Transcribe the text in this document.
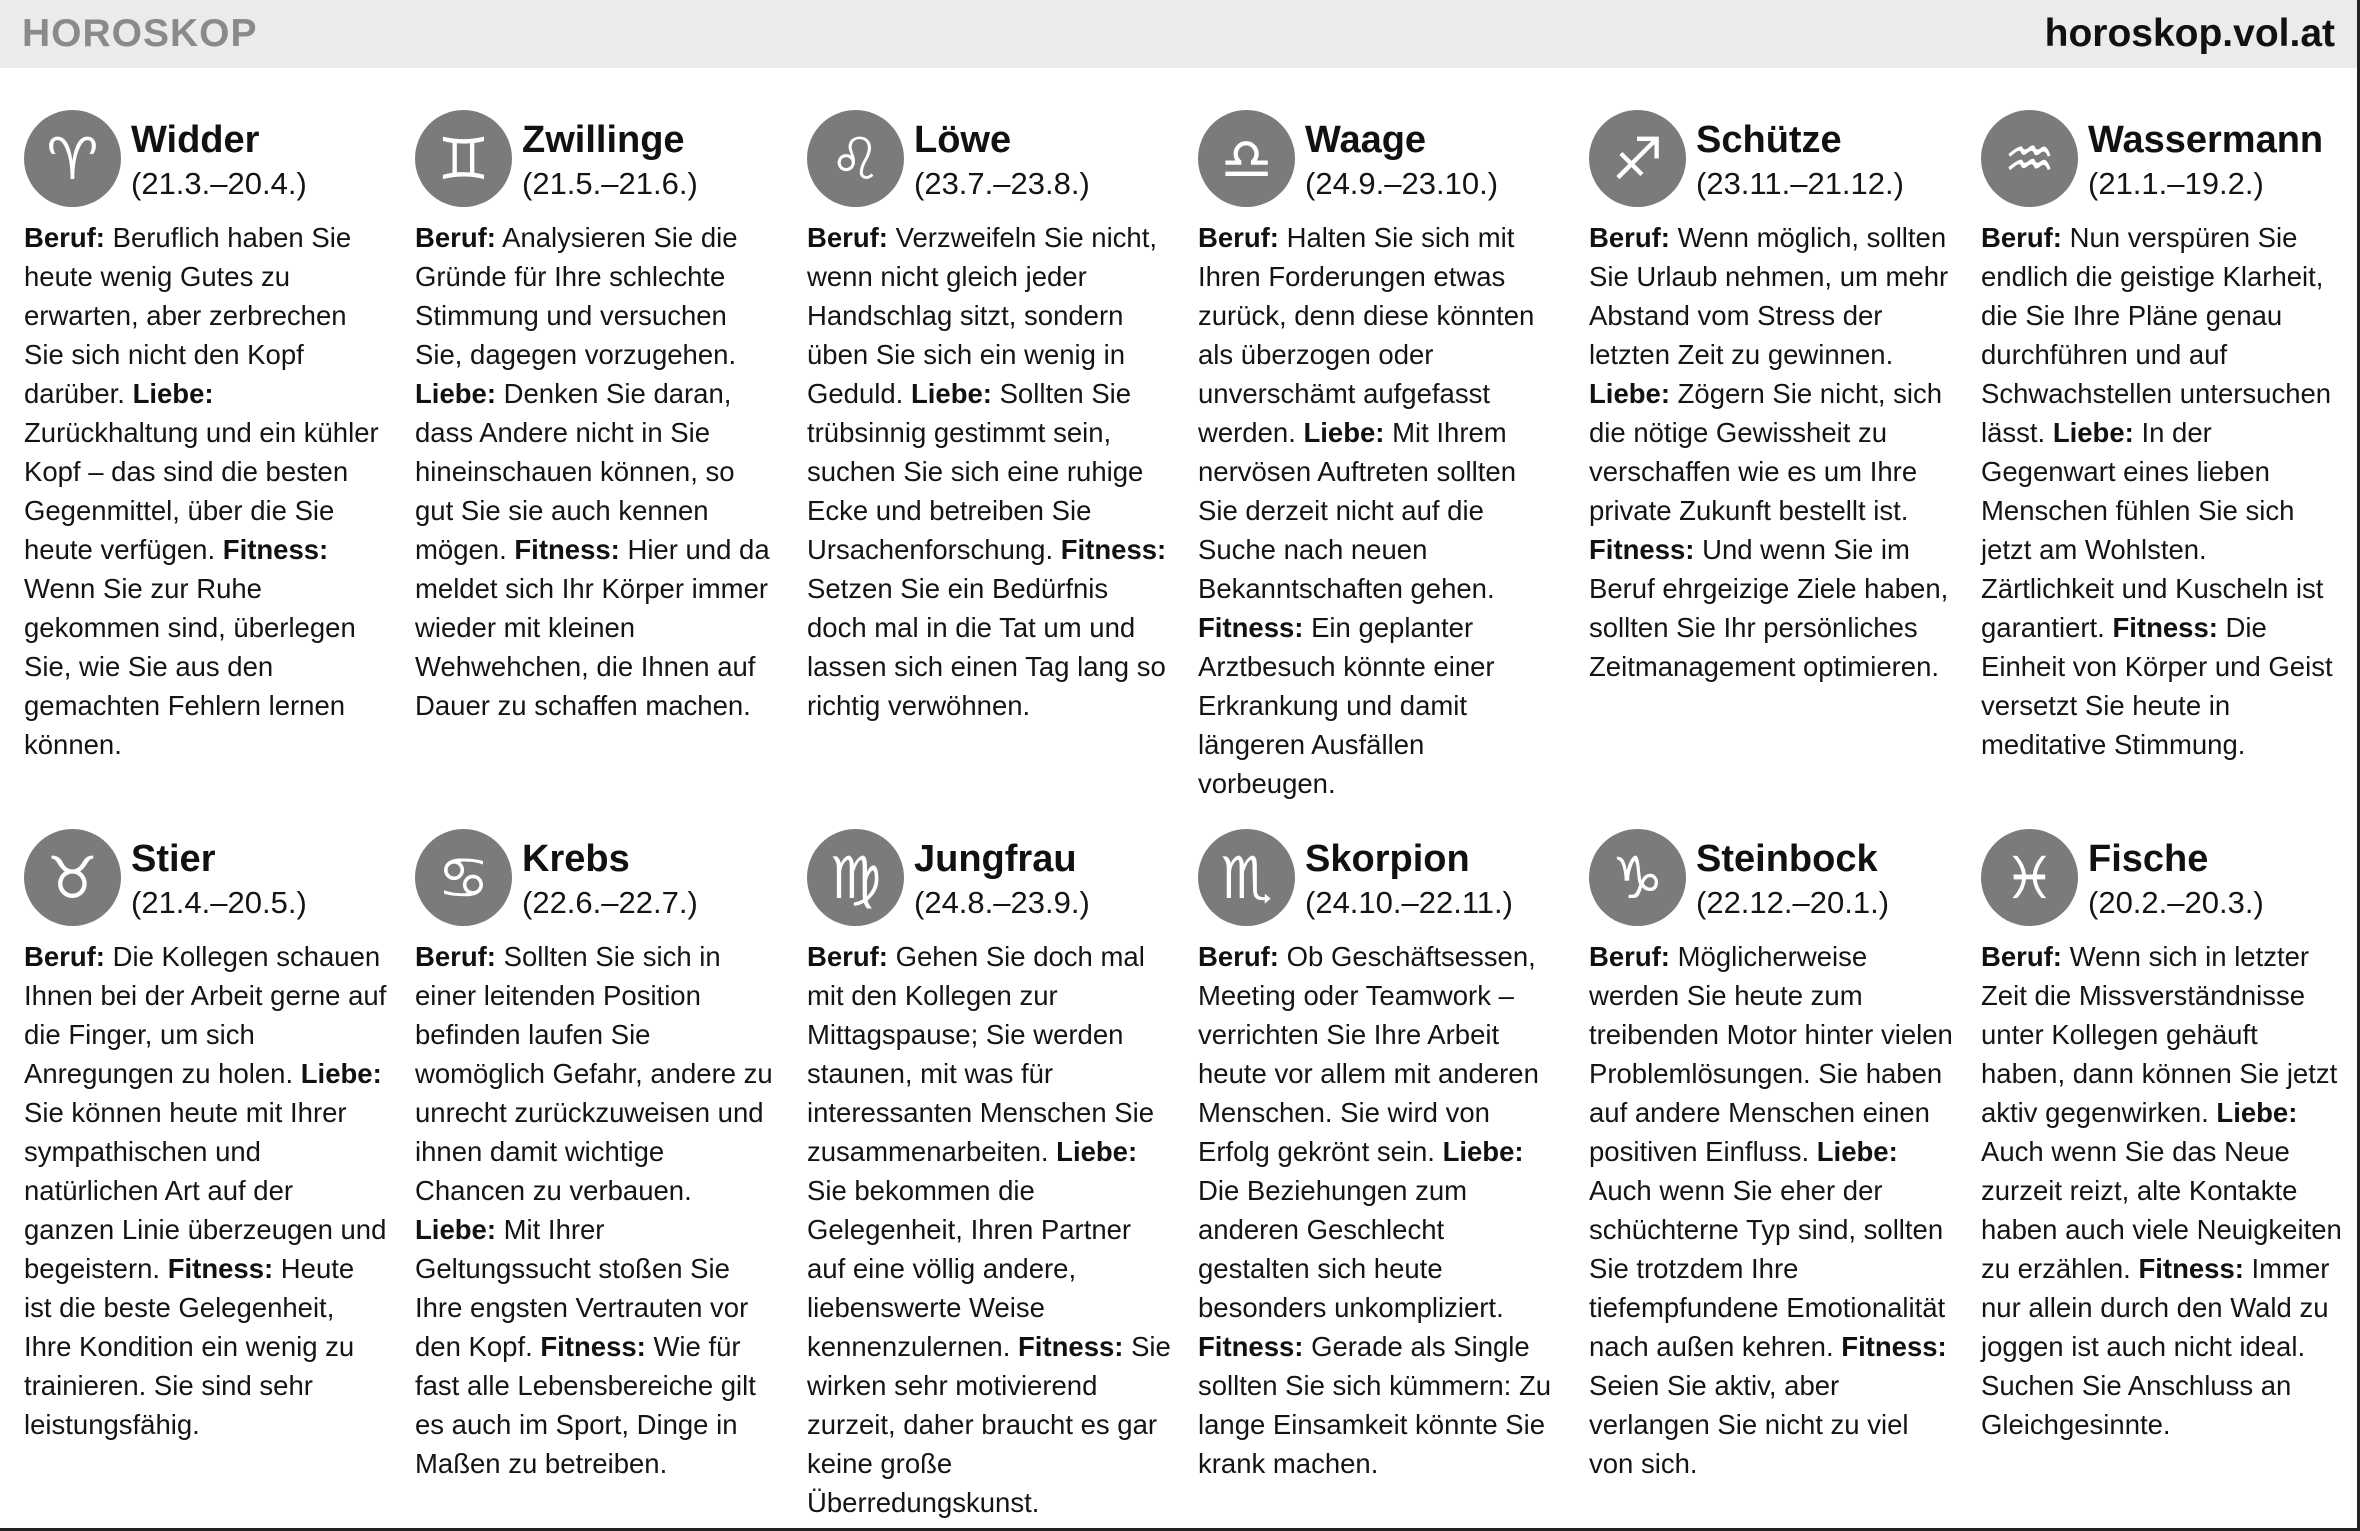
HOROSKOP	horoskop.vol.at
♈︎ Widder
(21.3.–20.4.)

Beruf: Beruflich haben Sie heute wenig Gutes zu erwarten, aber zerbrechen Sie sich nicht den Kopf darüber. Liebe: Zurückhaltung und ein kühler Kopf – das sind die besten Gegenmittel, über die Sie heute verfügen. Fitness: Wenn Sie zur Ruhe gekommen sind, überlegen Sie, wie Sie aus den gemachten Fehlern lernen können.

♊︎ Zwillinge
(21.5.–21.6.)

Beruf: Analysieren Sie die Gründe für Ihre schlechte Stimmung und versuchen Sie, dagegen vorzugehen. Liebe: Denken Sie daran, dass Andere nicht in Sie hineinschauen können, so gut Sie sie auch kennen mögen. Fitness: Hier und da meldet sich Ihr Körper immer wieder mit kleinen Wehwehchen, die Ihnen auf Dauer zu schaffen machen.

♌︎ Löwe
(23.7.–23.8.)

Beruf: Verzweifeln Sie nicht, wenn nicht gleich jeder Handschlag sitzt, sondern üben Sie sich ein wenig in Geduld. Liebe: Sollten Sie trübsinnig gestimmt sein, suchen Sie sich eine ruhige Ecke und betreiben Sie Ursachenforschung. Fitness: Setzen Sie ein Bedürfnis doch mal in die Tat um und lassen sich einen Tag lang so richtig verwöhnen.

♎︎ Waage
(24.9.–23.10.)

Beruf: Halten Sie sich mit Ihren Forderungen etwas zurück, denn diese könnten als überzogen oder unverschämt aufgefasst werden. Liebe: Mit Ihrem nervösen Auftreten sollten Sie derzeit nicht auf die Suche nach neuen Bekanntschaften gehen. Fitness: Ein geplanter Arztbesuch könnte einer Erkrankung und damit längeren Ausfällen vorbeugen.

♐︎ Schütze
(23.11.–21.12.)

Beruf: Wenn möglich, sollten Sie Urlaub nehmen, um mehr Abstand vom Stress der letzten Zeit zu gewinnen. Liebe: Zögern Sie nicht, sich die nötige Gewissheit zu verschaffen wie es um Ihre private Zukunft bestellt ist. Fitness: Und wenn Sie im Beruf ehrgeizige Ziele haben, sollten Sie Ihr persönliches Zeitmanagement optimieren.

♒︎ Wassermann
(21.1.–19.2.)

Beruf: Nun verspüren Sie endlich die geistige Klarheit, die Sie Ihre Pläne genau durchführen und auf Schwachstellen untersuchen lässt. Liebe: In der Gegenwart eines lieben Menschen fühlen Sie sich jetzt am Wohlsten. Zärtlichkeit und Kuscheln ist garantiert. Fitness: Die Einheit von Körper und Geist versetzt Sie heute in meditative Stimmung.

♉︎ Stier
(21.4.–20.5.)

Beruf: Die Kollegen schauen Ihnen bei der Arbeit gerne auf die Finger, um sich Anregungen zu holen. Liebe: Sie können heute mit Ihrer sympathischen und natürlichen Art auf der ganzen Linie überzeugen und begeistern. Fitness: Heute ist die beste Gelegenheit, Ihre Kondition ein wenig zu trainieren. Sie sind sehr leistungsfähig.

♋︎ Krebs
(22.6.–22.7.)

Beruf: Sollten Sie sich in einer leitenden Position befinden laufen Sie womöglich Gefahr, andere zu unrecht zurückzuweisen und ihnen damit wichtige Chancen zu verbauen. Liebe: Mit Ihrer Geltungssucht stoßen Sie Ihre engsten Vertrauten vor den Kopf. Fitness: Wie für fast alle Lebensbereiche gilt es auch im Sport, Dinge in Maßen zu betreiben.

♍︎ Jungfrau
(24.8.–23.9.)

Beruf: Gehen Sie doch mal mit den Kollegen zur Mittagspause; Sie werden staunen, mit was für interessanten Menschen Sie zusammenarbeiten. Liebe: Sie bekommen die Gelegenheit, Ihren Partner auf eine völlig andere, liebenswerte Weise kennenzulernen. Fitness: Sie wirken sehr motivierend zurzeit, daher braucht es gar keine große Überredungskunst.

♏︎ Skorpion
(24.10.–22.11.)

Beruf: Ob Geschäftsessen, Meeting oder Teamwork – verrichten Sie Ihre Arbeit heute vor allem mit anderen Menschen. Sie wird von Erfolg gekrönt sein. Liebe: Die Beziehungen zum anderen Geschlecht gestalten sich heute besonders unkompliziert. Fitness: Gerade als Single sollten Sie sich kümmern: Zu lange Einsamkeit könnte Sie krank machen.

♑︎ Steinbock
(22.12.–20.1.)

Beruf: Möglicherweise werden Sie heute zum treibenden Motor hinter vielen Problemlösungen. Sie haben auf andere Menschen einen positiven Einfluss. Liebe: Auch wenn Sie eher der schüchterne Typ sind, sollten Sie trotzdem Ihre tiefempfundene Emotionalität nach außen kehren. Fitness: Seien Sie aktiv, aber verlangen Sie nicht zu viel von sich.

♓︎ Fische
(20.2.–20.3.)

Beruf: Wenn sich in letzter Zeit die Missverständnisse unter Kollegen gehäuft haben, dann können Sie jetzt aktiv gegenwirken. Liebe: Auch wenn Sie das Neue zurzeit reizt, alte Kontakte haben auch viele Neuigkeiten zu erzählen. Fitness: Immer nur allein durch den Wald zu joggen ist auch nicht ideal. Suchen Sie Anschluss an Gleichgesinnte.
